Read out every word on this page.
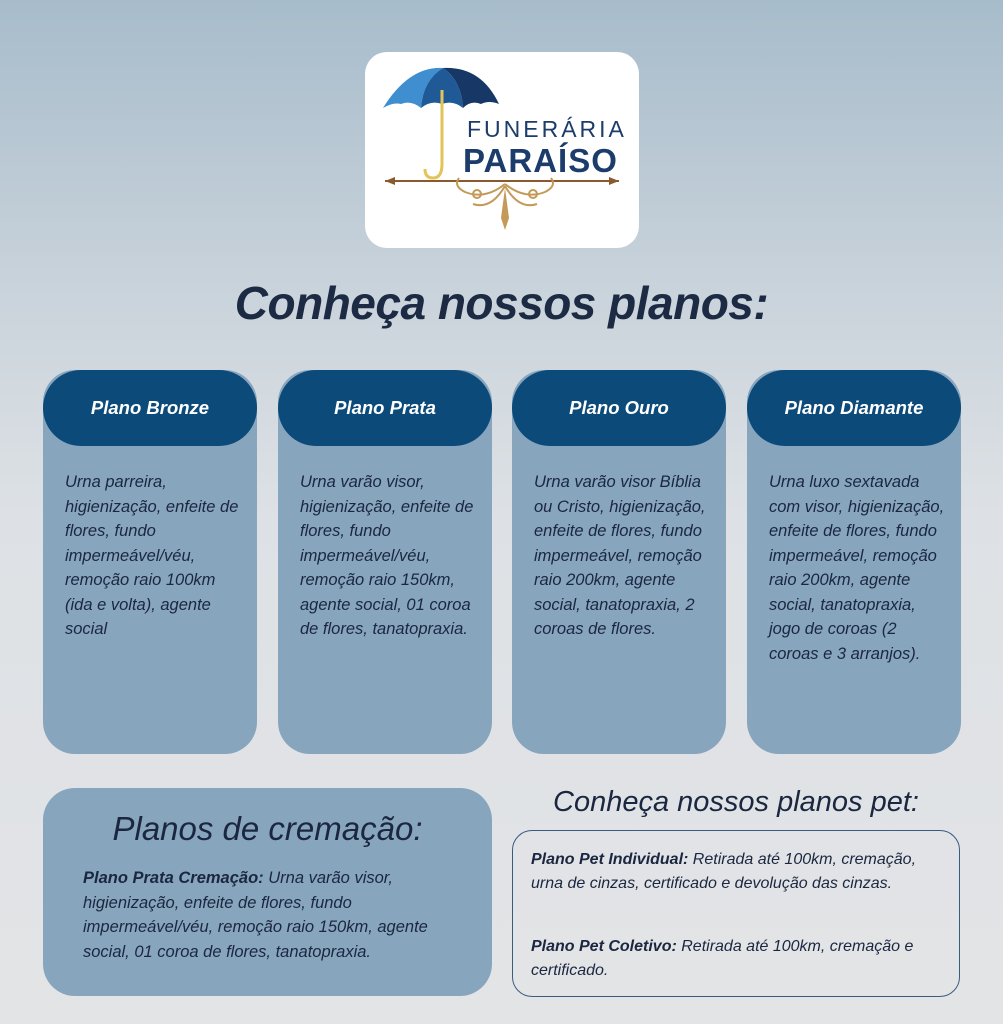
FUNERÁRIA
PARAÍSO
Conheça nossos planos:
Plano Bronze
Urna parreira, higienização, enfeite de flores, fundo impermeável/véu, remoção raio 100km (ida e volta), agente social
Plano Prata
Urna varão visor, higienização, enfeite de flores, fundo impermeável/véu, remoção raio 150km, agente social, 01 coroa de flores, tanatopraxia.
Plano Ouro
Urna varão visor Bíblia ou Cristo, higienização, enfeite de flores, fundo impermeável, remoção raio 200km, agente social, tanatopraxia, 2 coroas de flores.
Plano Diamante
Urna luxo sextavada com visor, higienização, enfeite de flores, fundo impermeável, remoção raio 200km, agente social, tanatopraxia, jogo de coroas (2 coroas e 3 arranjos).
Planos de cremação:
Plano Prata Cremação: Urna varão visor, higienização, enfeite de flores, fundo impermeável/véu, remoção raio 150km, agente social, 01 coroa de flores, tanatopraxia.
Conheça nossos planos pet:
Plano Pet Individual: Retirada até 100km, cremação, urna de cinzas, certificado e devolução das cinzas.
Plano Pet Coletivo: Retirada até 100km, cremação e certificado.
